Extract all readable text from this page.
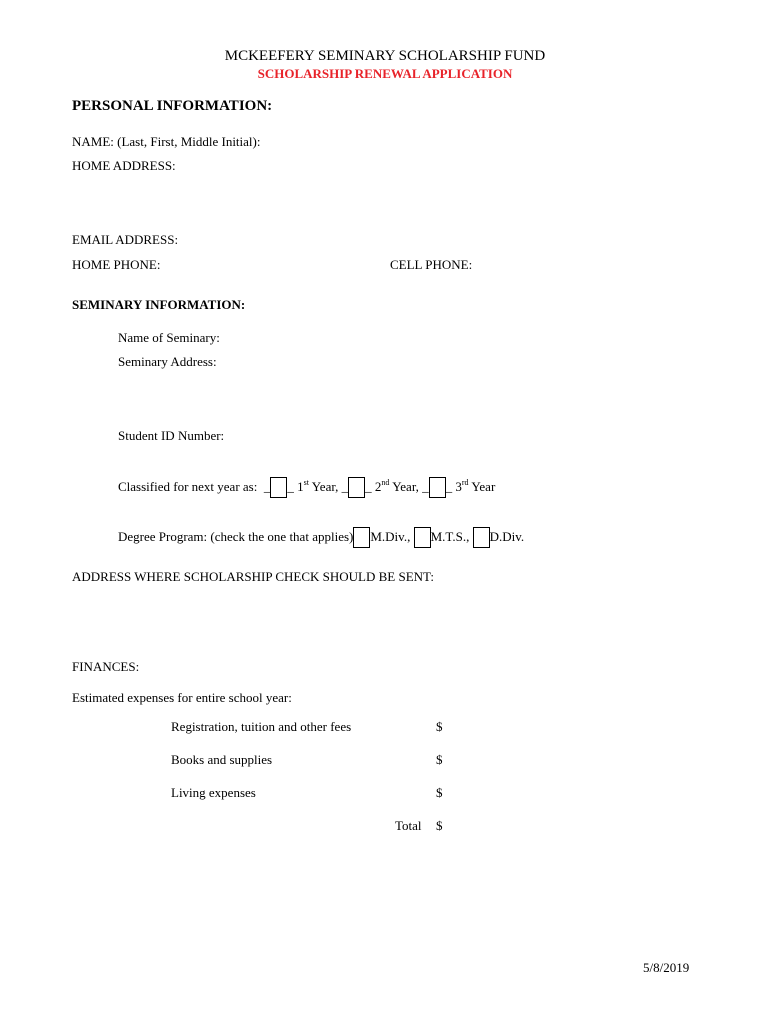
MCKEEFERY SEMINARY SCHOLARSHIP FUND
SCHOLARSHIP RENEWAL APPLICATION
PERSONAL INFORMATION:
NAME: (Last, First, Middle Initial):
HOME ADDRESS:
EMAIL ADDRESS:
HOME PHONE:	CELL PHONE:
SEMINARY INFORMATION:
Name of Seminary:
Seminary Address:
Student ID Number:
Classified for next year as: _ _ 1st Year, _ _ 2nd Year, _ _ 3rd Year
Degree Program: (check the one that applies) M.Div., M.T.S., D.Div.
ADDRESS WHERE SCHOLARSHIP CHECK SHOULD BE SENT:
FINANCES:
Estimated expenses for entire school year:
Registration, tuition and other fees	$
Books and supplies	$
Living expenses	$
Total $
5/8/2019
